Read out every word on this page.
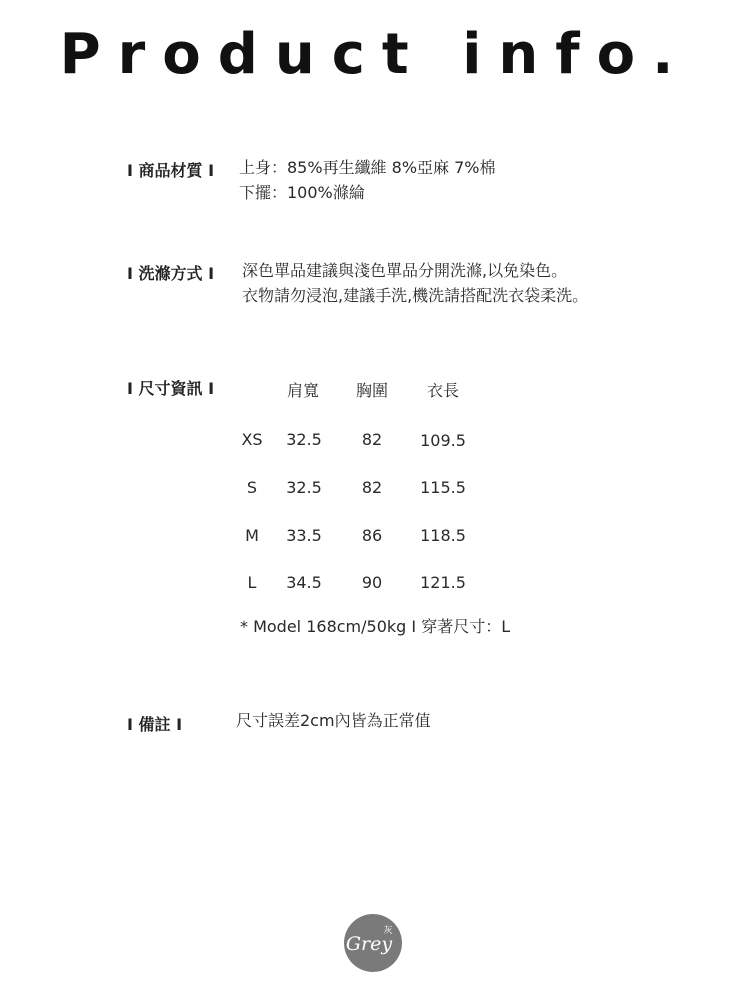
Product info.
I 商品材質 I 上身：85%再生纖維 8%亞麻 7%棉
下擺：100%滌綸
I 洗滌方式 I 深色單品建議與淺色單品分開洗滌,以免染色。
衣物請勿浸泡,建議手洗,機洗請搭配洗衣袋柔洗。
I 尺寸資訊 I	肩寬	胸圍	衣長
XS	32.5	82	109.5
S	32.5	82	115.5
M	33.5	86	118.5
L	34.5	90	121.5
* Model 168cm/50kg I 穿著尺寸：L
I 備註 I	尺寸誤差2cm內皆為正常值
Grey
灰
